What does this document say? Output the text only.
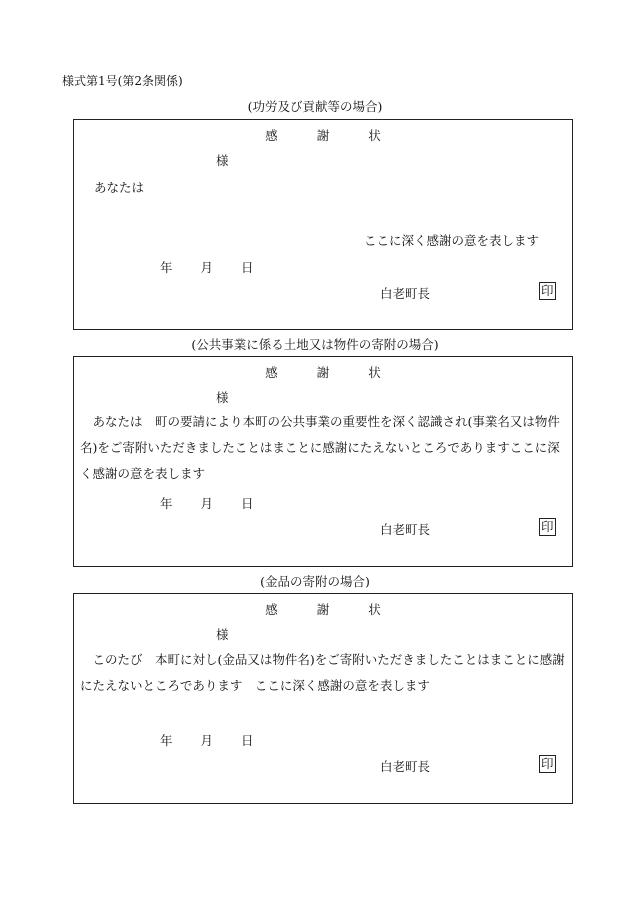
様式第1号(第2条関係)
(功労及び貢献等の場合)
感	謝	状
様
あなたは
ここに深く感謝の意を表します
年 月 日
白老町長	印
(公共事業に係る土地又は物件の寄附の場合)
感	謝	状
様
　あなたは　町の要請により本町の公共事業の重要性を深く認識され(事業名又は物件名)をご寄附いただきましたことはまことに感謝にたえないところでありますここに深く感謝の意を表します
年 月 日
白老町長	印
(金品の寄附の場合)
感	謝	状
様
　このたび　本町に対し(金品又は物件名)をご寄附いただきましたことはまことに感謝にたえないところであります　ここに深く感謝の意を表します
年 月 日
白老町長	印
